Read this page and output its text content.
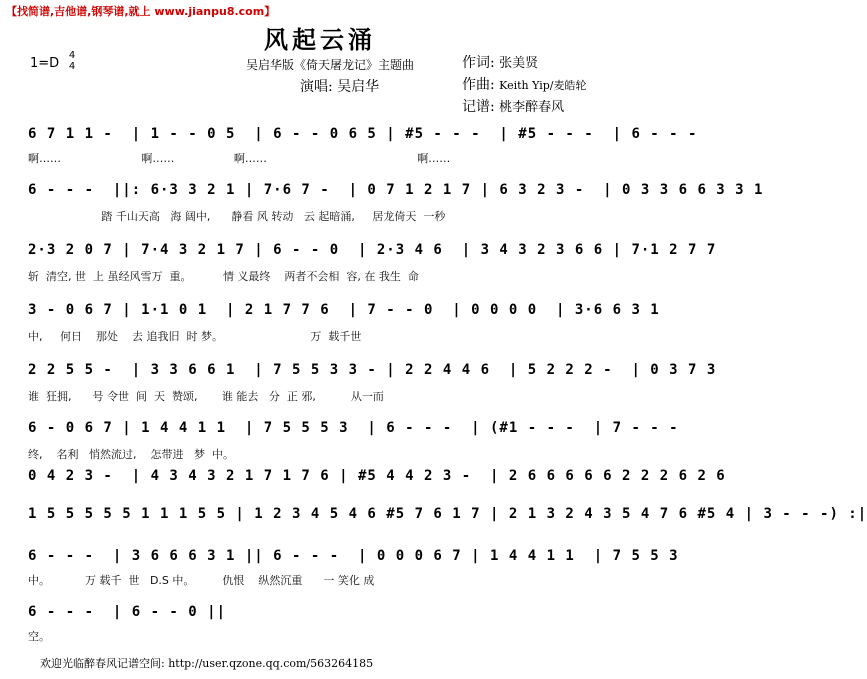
【找简谱,吉他谱,钢琴谱,就上 www.jianpu8.com】
风起云涌
1=D
4
4	吴启华版《倚天屠龙记》主题曲
演唱: 吴启华
作词: 张美贤
作曲: Keith Yip/麦皓轮
记谱: 桃李醉春风
6 7 1 1 -  | 1 - - 0 5  | 6 - - 0 6 5 | #5 - - -  | #5 - - -  | 6 - - -
啊……                       啊……                 啊……                                           啊……
6 - - -  ||: 6·3 3 2 1 | 7·6 7 -  | 0 7 1 2 1 7 | 6 3 2 3 -  | 0 3 3 6 6 3 3 1
踏 千山天高   海 阔中,      静看 风 转动   云 起暗涌,     居龙倚天  一秒
2·3 2 0 7 | 7·4 3 2 1 7 | 6 - - 0  | 2·3 4 6  | 3 4 3 2 3 6 6 | 7·1 2 7 7
斩  清空, 世  上 虽经风雪万  重。         情 义最终    两者不会相  容, 在 我生  命
3 - 0 6 7 | 1·1 0 1  | 2 1 7 7 6  | 7 - - 0  | 0 0 0 0  | 3·6 6 3 1
中,     何日    那处    去 追我旧  时 梦。                         万  载千世
2 2 5 5 -  | 3 3 6 6 1  | 7 5 5 3 3 - | 2 2 4 4 6  | 5 2 2 2 -  | 0 3 7 3
谁  狂拥,      号 令世  间  天  赞颂,       谁 能去   分  正 邪,          从一而
6 - 0 6 7 | 1 4 4 1 1  | 7 5 5 5 3  | 6 - - -  | (#1 - - -  | 7 - - -
终,    名利   悄然流过,    怎带进   梦  中。
0 4 2 3 -  | 4 3 4 3 2 1 7 1 7 6 | #5 4 4 2 3 -  | 2 6 6 6 6 6 2 2 2 6 2 6
1 5 5 5 5 5 1 1 1 5 5 | 1 2 3 4 5 4 6 #5 7 6 1 7 | 2 1 3 2 4 3 5 4 7 6 #5 4 | 3 - - -) :|
6 - - -  | 3 6 6 6 3 1 || 6 - - -  | 0 0 0 6 7 | 1 4 4 1 1  | 7 5 5 3
中。          万 载千  世   D.S 中。        仇恨    纵然沉重      一 笑化 成
6 - - -  | 6 - - 0 ||
空。
欢迎光临醉春风记谱空间: http://user.qzone.qq.com/563264185
